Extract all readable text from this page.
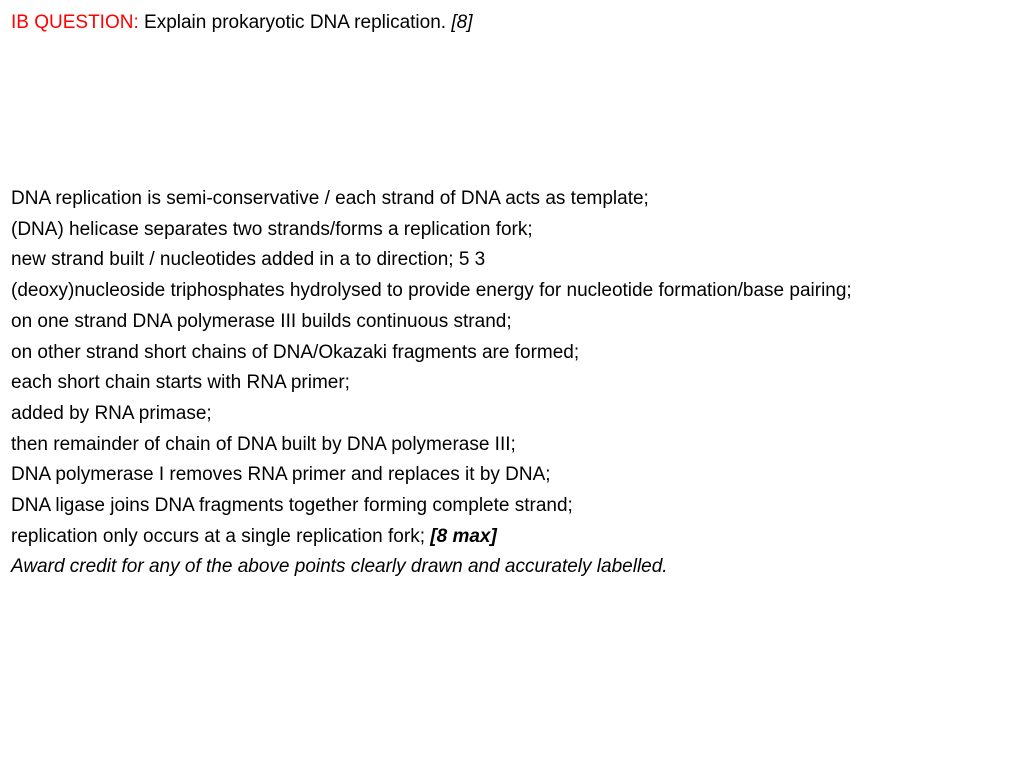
IB QUESTION: Explain prokaryotic DNA replication. [8]
DNA replication is semi-conservative / each strand of DNA acts as template;
(DNA) helicase separates two strands/forms a replication fork;
new strand built / nucleotides added in a to direction; 5 3
(deoxy)nucleoside triphosphates hydrolysed to provide energy for nucleotide formation/base pairing;
on one strand DNA polymerase III builds continuous strand;
on other strand short chains of DNA/Okazaki fragments are formed;
each short chain starts with RNA primer;
added by RNA primase;
then remainder of chain of DNA built by DNA polymerase III;
DNA polymerase I removes RNA primer and replaces it by DNA;
DNA ligase joins DNA fragments together forming complete strand;
replication only occurs at a single replication fork; [8 max]
Award credit for any of the above points clearly drawn and accurately labelled.
